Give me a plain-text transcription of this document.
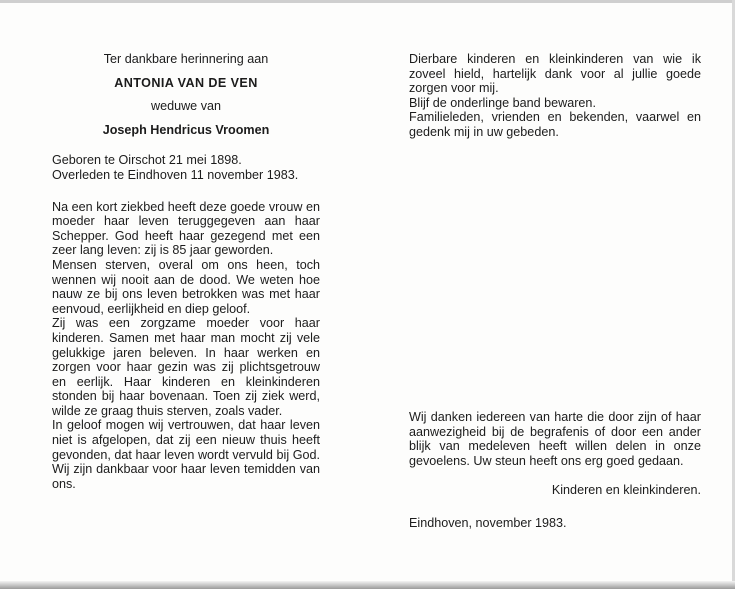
Ter dankbare herinnering aan

ANTONIA VAN DE VEN

weduwe van

Joseph Hendricus Vroomen

Geboren te Oirschot 21 mei 1898.

Overleden te Eindhoven 11 november 1983.

Na een kort ziekbed heeft deze goede vrouw en moeder haar leven teruggegeven aan haar Schepper. God heeft haar gezegend met een zeer lang leven: zij is 85 jaar geworden.

Mensen sterven, overal om ons heen, toch wennen wij nooit aan de dood. We weten hoe nauw ze bij ons leven betrokken was met haar eenvoud, eerlijkheid en diep geloof.

Zij was een zorgzame moeder voor haar kinderen. Samen met haar man mocht zij vele gelukkige jaren beleven. In haar werken en zorgen voor haar gezin was zij plichtsgetrouw en eerlijk. Haar kinderen en kleinkinderen stonden bij haar bovenaan. Toen zij ziek werd, wilde ze graag thuis sterven, zoals vader.

In geloof mogen wij vertrouwen, dat haar leven niet is afgelopen, dat zij een nieuw thuis heeft gevonden, dat haar leven wordt vervuld bij God. Wij zijn dankbaar voor haar leven temidden van ons.

Dierbare kinderen en kleinkinderen van wie ik zoveel hield, hartelijk dank voor al jullie goede zorgen voor mij.

Blijf de onderlinge band bewaren.

Familieleden, vrienden en bekenden, vaarwel en gedenk mij in uw gebeden.

Wij danken iedereen van harte die door zijn of haar aanwezigheid bij de begrafenis of door een ander blijk van medeleven heeft willen delen in onze gevoelens. Uw steun heeft ons erg goed gedaan.

Kinderen en kleinkinderen.

Eindhoven, november 1983.
